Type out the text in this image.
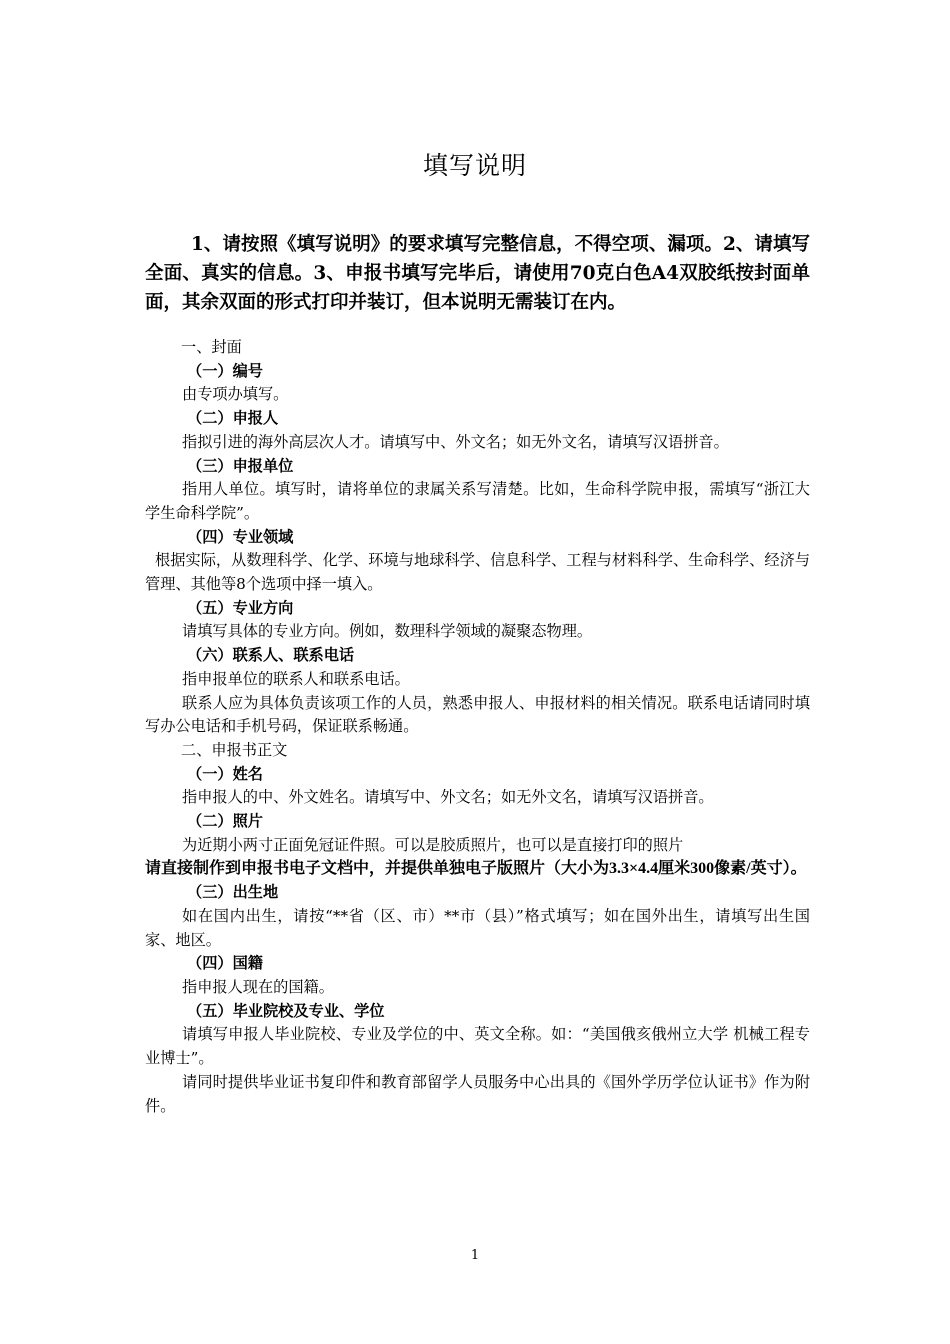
填写说明

1、请按照《填写说明》的要求填写完整信息，不得空项、漏项。2、请填写全面、真实的信息。3、申报书填写完毕后，请使用70克白色A4双胶纸按封面单面，其余双面的形式打印并装订，但本说明无需装订在内。

一、封面

（一）编号

由专项办填写。

（二）申报人

指拟引进的海外高层次人才。请填写中、外文名；如无外文名，请填写汉语拼音。

（三）申报单位

指用人单位。填写时，请将单位的隶属关系写清楚。比如，生命科学院申报，需填写“浙江大学生命科学院”。

（四）专业领域

根据实际，从数理科学、化学、环境与地球科学、信息科学、工程与材料科学、生命科学、经济与管理、其他等8个选项中择一填入。

（五）专业方向

请填写具体的专业方向。例如，数理科学领域的凝聚态物理。

（六）联系人、联系电话

指申报单位的联系人和联系电话。

联系人应为具体负责该项工作的人员，熟悉申报人、申报材料的相关情况。联系电话请同时填写办公电话和手机号码，保证联系畅通。

二、申报书正文

（一）姓名

指申报人的中、外文姓名。请填写中、外文名；如无外文名，请填写汉语拼音。

（二）照片

为近期小两寸正面免冠证件照。可以是胶质照片，也可以是直接打印的照片

请直接制作到申报书电子文档中，并提供单独电子版照片（大小为3.3×4.4厘米300像素/英寸）。

（三）出生地

如在国内出生，请按“**省（区、市）**市（县）”格式填写；如在国外出生，请填写出生国家、地区。

（四）国籍

指申报人现在的国籍。

（五）毕业院校及专业、学位

请填写申报人毕业院校、专业及学位的中、英文全称。如：“美国俄亥俄州立大学 机械工程专业博士”。

请同时提供毕业证书复印件和教育部留学人员服务中心出具的《国外学历学位认证书》作为附件。

1
